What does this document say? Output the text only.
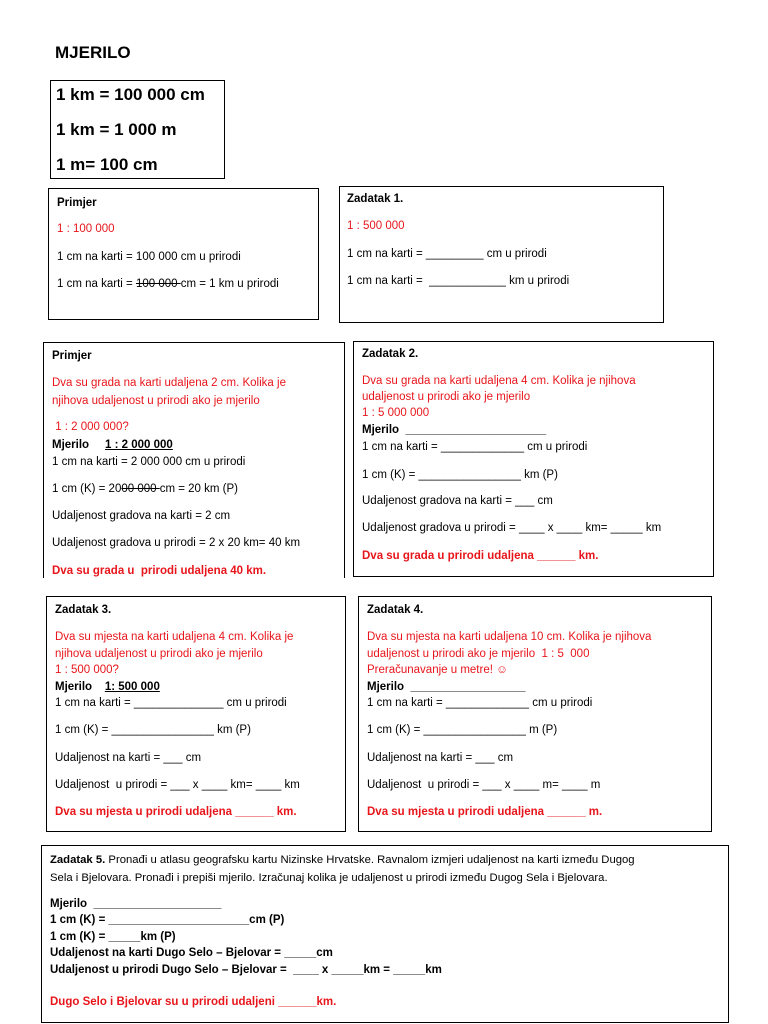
MJERILO
1 km = 100 000 cm
1 km = 1 000 m
1 m= 100 cm
Primjer
1 : 100 000
1 cm na karti = 100 000 cm u prirodi
1 cm na karti = 100 000 cm = 1 km u prirodi
Zadatak 1.
1 : 500 000
1 cm na karti = _________ cm u prirodi
1 cm na karti =  ____________ km u prirodi
Primjer
Dva su grada na karti udaljena 2 cm. Kolika je
njihova udaljenost u prirodi ako je mjerilo
1 : 2 000 000?
Mjerilo 1 : 2 000 000
1 cm na karti = 2 000 000 cm u prirodi
1 cm (K) = 2000 000 cm = 20 km (P)
Udaljenost gradova na karti = 2 cm
Udaljenost gradova u prirodi = 2 x 20 km= 40 km
Dva su grada u  prirodi udaljena 40 km.
Zadatak 2.
Dva su grada na karti udaljena 4 cm. Kolika je njihova
udaljenost u prirodi ako je mjerilo
1 : 5 000 000
Mjerilo  ______________________
1 cm na karti = _____________ cm u prirodi
1 cm (K) = ________________ km (P)
Udaljenost gradova na karti = ___ cm
Udaljenost gradova u prirodi = ____ x ____ km= _____ km
Dva su grada u prirodi udaljena ______ km.
Zadatak 3.
Dva su mjesta na karti udaljena 4 cm. Kolika je
njihova udaljenost u prirodi ako je mjerilo
1 : 500 000?
Mjerilo 1: 500 000
1 cm na karti = ______________ cm u prirodi
1 cm (K) = ________________ km (P)
Udaljenost na karti = ___ cm
Udaljenost  u prirodi = ___ x ____ km= ____ km
Dva su mjesta u prirodi udaljena ______ km.
Zadatak 4.
Dva su mjesta na karti udaljena 10 cm. Kolika je njihova
udaljenost u prirodi ako je mjerilo  1 : 5  000
Preračunavanje u metre! ☺
Mjerilo  __________________
1 cm na karti = _____________ cm u prirodi
1 cm (K) = ________________ m (P)
Udaljenost na karti = ___ cm
Udaljenost  u prirodi = ___ x ____ m= ____ m
Dva su mjesta u prirodi udaljena ______ m.
Zadatak 5. Pronađi u atlasu geografsku kartu Nizinske Hrvatske. Ravnalom izmjeri udaljenost na karti između Dugog
Sela i Bjelovara. Pronađi i prepiši mjerilo. Izračunaj kolika je udaljenost u prirodi između Dugog Sela i Bjelovara.
Mjerilo  ____________________
1 cm (K) = ______________________cm (P)
1 cm (K) = _____km (P)
Udaljenost na karti Dugo Selo – Bjelovar = _____cm
Udaljenost u prirodi Dugo Selo – Bjelovar =  ____ x _____km = _____km
Dugo Selo i Bjelovar su u prirodi udaljeni ______km.
